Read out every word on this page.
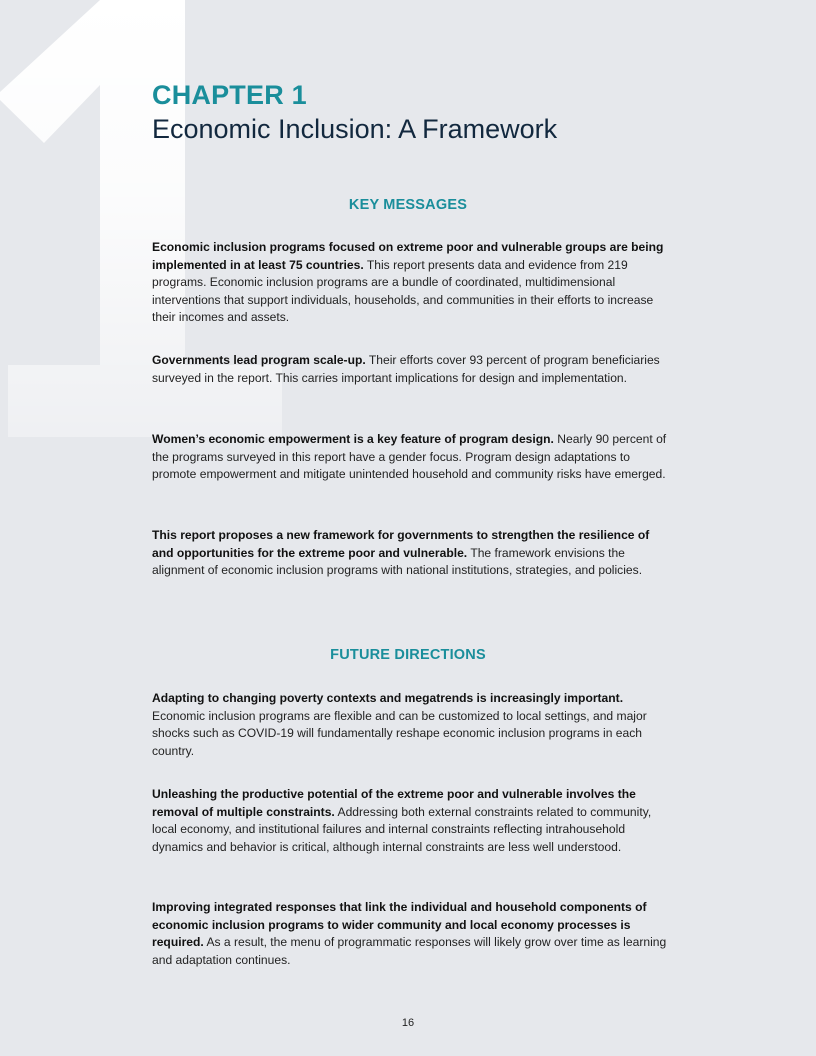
CHAPTER 1
Economic Inclusion: A Framework
KEY MESSAGES

Economic inclusion programs focused on extreme poor and vulnerable groups are being implemented in at least 75 countries. This report presents data and evidence from 219 programs. Economic inclusion programs are a bundle of coordinated, multidimensional interventions that support individuals, households, and communities in their efforts to increase their incomes and assets.

Governments lead program scale-up. Their efforts cover 93 percent of program beneficiaries surveyed in the report. This carries important implications for design and implementation.

Women’s economic empowerment is a key feature of program design. Nearly 90 percent of the programs surveyed in this report have a gender focus. Program design adaptations to promote empowerment and mitigate unintended household and community risks have emerged.

This report proposes a new framework for governments to strengthen the resilience of and opportunities for the extreme poor and vulnerable. The framework envisions the alignment of economic inclusion programs with national institutions, strategies, and policies.

FUTURE DIRECTIONS

Adapting to changing poverty contexts and megatrends is increasingly important. Economic inclusion programs are flexible and can be customized to local settings, and major shocks such as COVID-19 will fundamentally reshape economic inclusion programs in each country.

Unleashing the productive potential of the extreme poor and vulnerable involves the removal of multiple constraints. Addressing both external constraints related to community, local economy, and institutional failures and internal constraints reflecting intrahousehold dynamics and behavior is critical, although internal constraints are less well understood.

Improving integrated responses that link the individual and household components of economic inclusion programs to wider community and local economy processes is required. As a result, the menu of programmatic responses will likely grow over time as learning and adaptation continues.

16
